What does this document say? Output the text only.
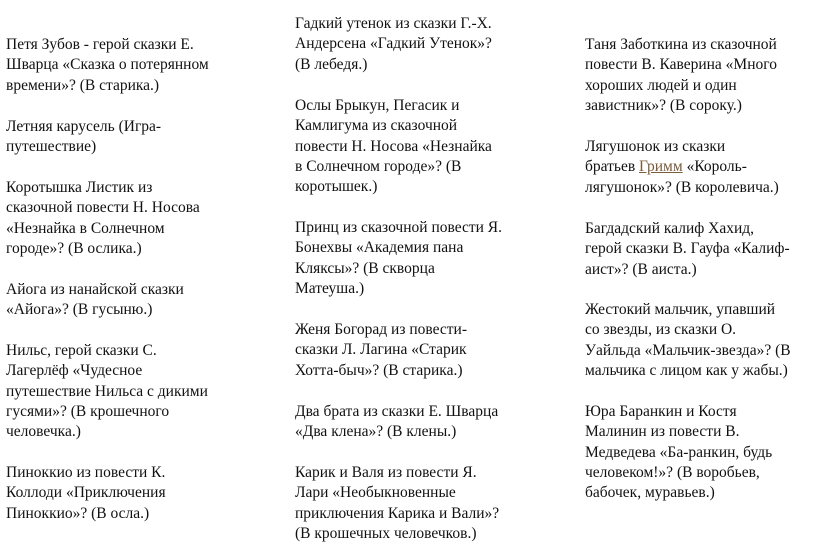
Петя Зубов - герой сказки Е.
Шварца «Сказка о потерянном
времени»? (В старика.)

Летняя карусель (Игра-
путешествие)

Коротышка Листик из
сказочной повести Н. Носова
«Незнайка в Солнечном
городе»? (В ослика.)

Айога из нанайской сказки
«Айога»? (В гусыню.)

Нильс, герой сказки С.
Лагерлёф «Чудесное
путешествие Нильса с дикими
гусями»? (В крошечного
человечка.)

Пиноккио из повести К.
Коллоди «Приключения
Пиноккио»? (В осла.)

Гадкий утенок из сказки Г.-Х.
Андерсена «Гадкий Утенок»?
(В лебедя.)

Ослы Брыкун, Пегасик и
Камлигума из сказочной
повести Н. Носова «Незнайка
в Солнечном городе»? (В
коротышек.)

Принц из сказочной повести Я.
Бонехвы «Академия пана
Кляксы»? (В скворца
Матеуша.)

Женя Богорад из повести-
сказки Л. Лагина «Старик
Хотта-быч»? (В старика.)

Два брата из сказки Е. Шварца
«Два клена»? (В клены.)

Карик и Валя из повести Я.
Лари «Необыкновенные
приключения Карика и Вали»?
(В крошечных человечков.)

Таня Заботкина из сказочной
повести В. Каверина «Много
хороших людей и один
завистник»? (В сороку.)

Лягушонок из сказки
братьев Гримм «Король-
лягушонок»? (В королевича.)

Багдадский калиф Хахид,
герой сказки В. Гауфа «Калиф-
аист»? (В аиста.)

Жестокий мальчик, упавший
со звезды, из сказки О.
Уайльда «Мальчик-звезда»? (В
мальчика с лицом как у жабы.)

Юра Баранкин и Костя
Малинин из повести В.
Медведева «Ба-ранкин, будь
человеком!»? (В воробьев,
бабочек, муравьев.)
